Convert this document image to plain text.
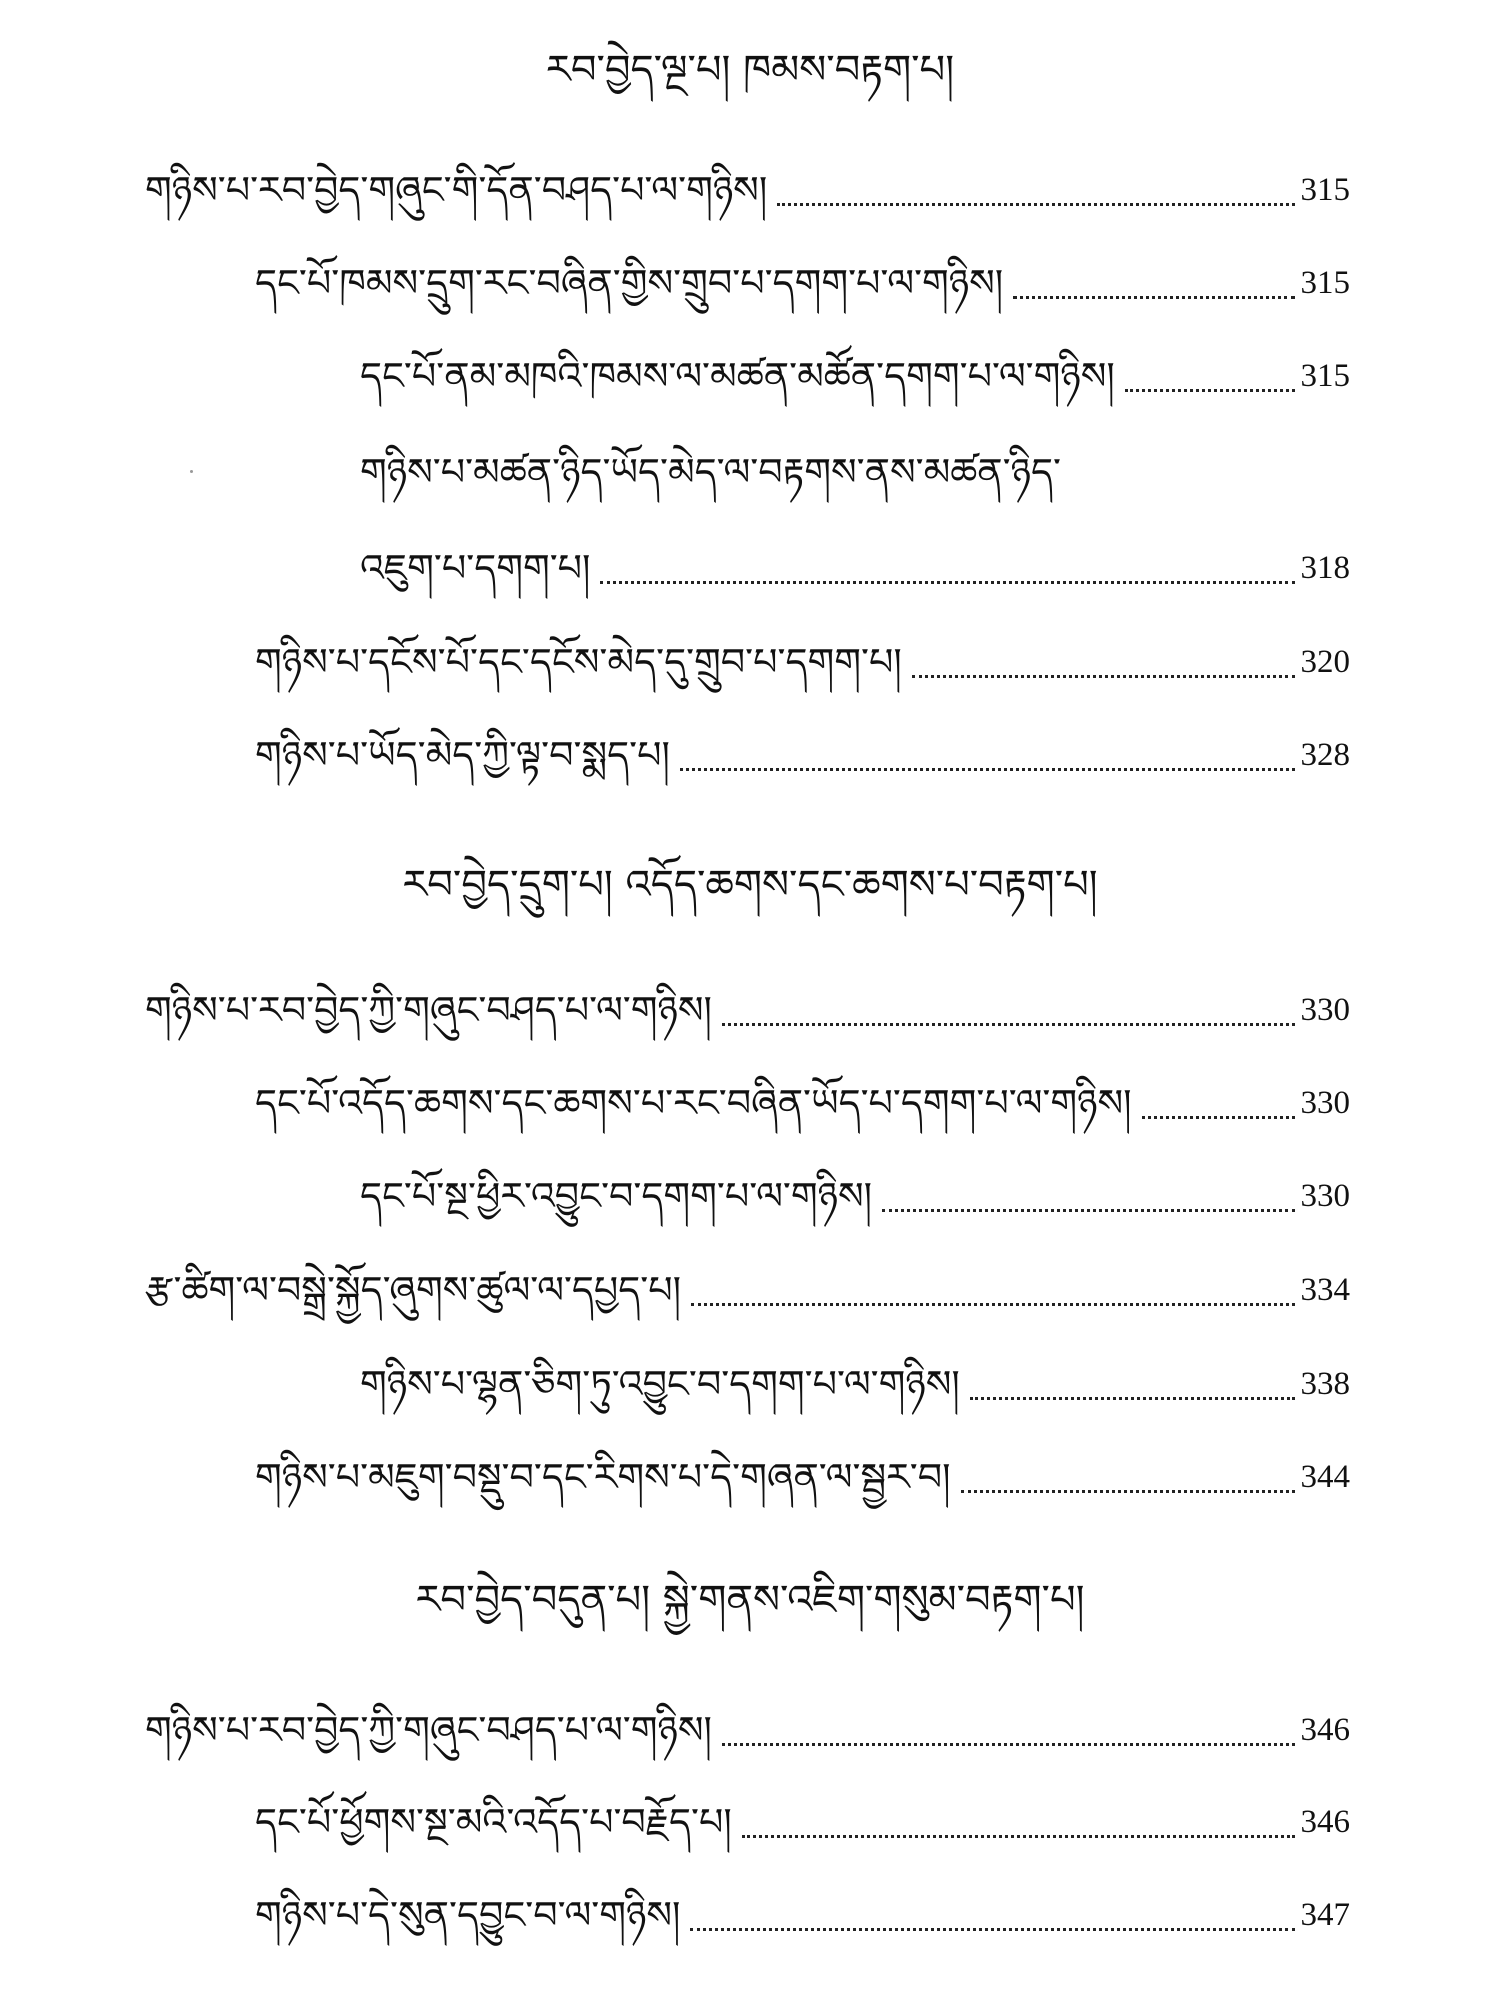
རབ་བྱེད་ལྔ་པ། ཁམས་བརྟག་པ།
གཉིས་པ་རབ་བྱེད་གཞུང་གི་དོན་བཤད་པ་ལ་གཉིས།	315
དང་པོ་ཁམས་དྲུག་རང་བཞིན་གྱིས་གྲུབ་པ་དགག་པ་ལ་གཉིས།	315
དང་པོ་ནམ་མཁའི་ཁམས་ལ་མཚན་མཚོན་དགག་པ་ལ་གཉིས།	315
གཉིས་པ་མཚན་ཉིད་ཡོད་མེད་ལ་བརྟགས་ནས་མཚན་ཉིད་
འཇུག་པ་དགག་པ།	318
གཉིས་པ་དངོས་པོ་དང་དངོས་མེད་དུ་གྲུབ་པ་དགག་པ།	320
གཉིས་པ་ཡོད་མེད་ཀྱི་ལྟ་བ་སྨད་པ།	328
རབ་བྱེད་དྲུག་པ། འདོད་ཆགས་དང་ཆགས་པ་བརྟག་པ།
གཉིས་པ་རབ་བྱེད་ཀྱི་གཞུང་བཤད་པ་ལ་གཉིས།	330
དང་པོ་འདོད་ཆགས་དང་ཆགས་པ་རང་བཞིན་ཡོད་པ་དགག་པ་ལ་གཉིས།	330
དང་པོ་སྔ་ཕྱིར་འབྱུང་བ་དགག་པ་ལ་གཉིས།	330
རྩ་ཚིག་ལ་བསྒྲེ་སྐྱོད་ཞུགས་ཚུལ་ལ་དཔྱད་པ།	334
གཉིས་པ་ལྷན་ཅིག་ཏུ་འབྱུང་བ་དགག་པ་ལ་གཉིས།	338
གཉིས་པ་མཇུག་བསྡུ་བ་དང་རིགས་པ་དེ་གཞན་ལ་སྦྱར་བ།	344
རབ་བྱེད་བདུན་པ། སྐྱེ་གནས་འཇིག་གསུམ་བརྟག་པ།
གཉིས་པ་རབ་བྱེད་ཀྱི་གཞུང་བཤད་པ་ལ་གཉིས།	346
དང་པོ་ཕྱོགས་སྔ་མའི་འདོད་པ་བརྗོད་པ།	346
གཉིས་པ་དེ་སུན་དབྱུང་བ་ལ་གཉིས།	347
